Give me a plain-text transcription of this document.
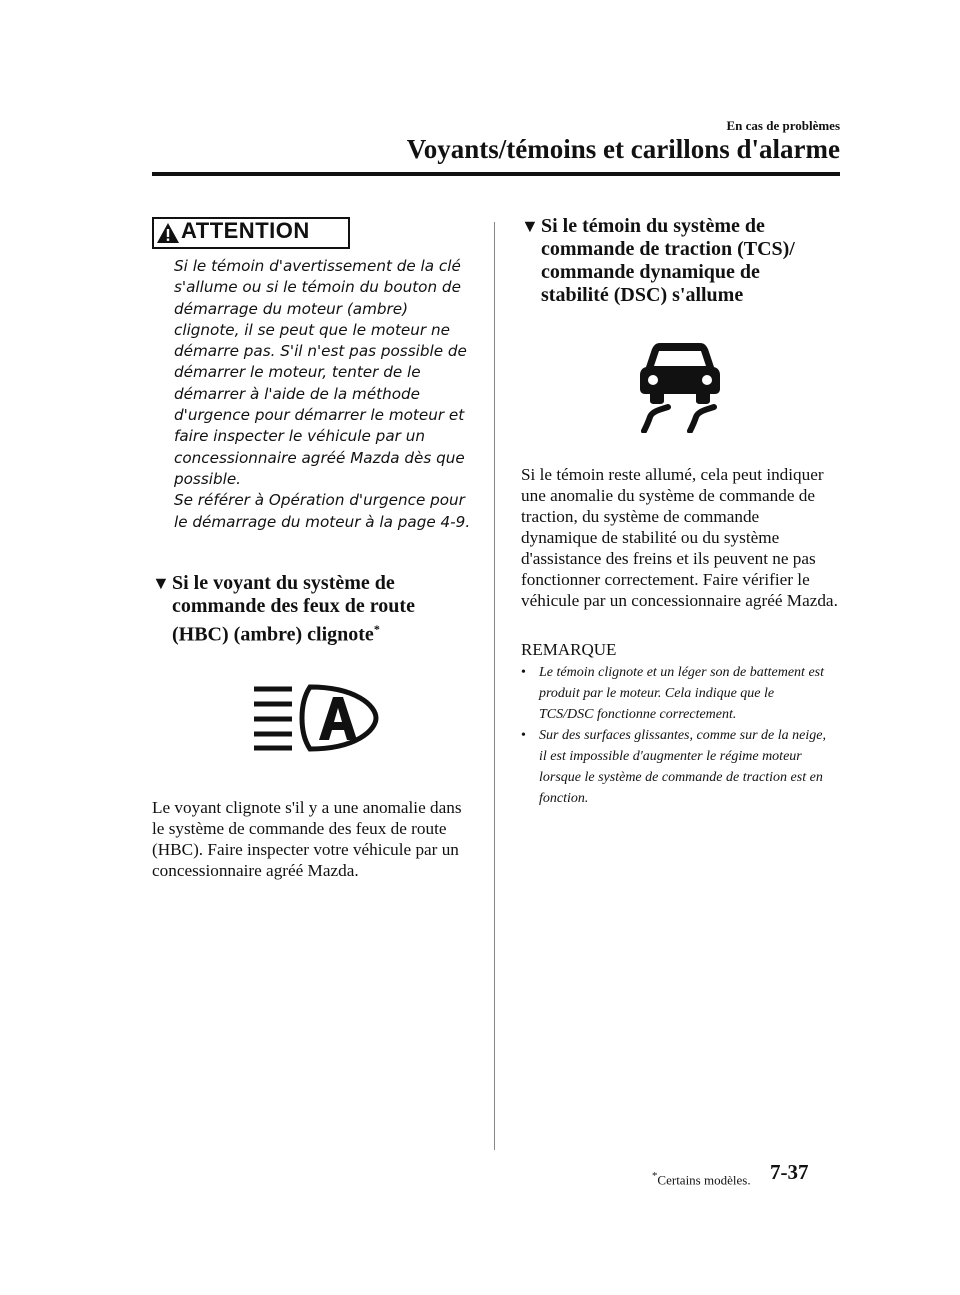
En cas de problèmes
Voyants/témoins et carillons d'alarme
ATTENTION

Si le témoin d'avertissement de la clé s'allume ou si le témoin du bouton de démarrage du moteur (ambre) clignote, il se peut que le moteur ne démarre pas. S'il n'est pas possible de démarrer le moteur, tenter de le démarrer à l'aide de la méthode d'urgence pour démarrer le moteur et faire inspecter le véhicule par un concessionnaire agréé Mazda dès que possible.

Se référer à Opération d'urgence pour le démarrage du moteur à la page 4-9.

▼ Si le voyant du système de commande des feux de route (HBC) (ambre) clignote*
Le voyant clignote s'il y a une anomalie dans le système de commande des feux de route (HBC). Faire inspecter votre véhicule par un concessionnaire agréé Mazda.
▼ Si le témoin du système de commande de traction (TCS)/ commande dynamique de stabilité (DSC) s'allume
Si le témoin reste allumé, cela peut indiquer une anomalie du système de commande de traction, du système de commande dynamique de stabilité ou du système d'assistance des freins et ils peuvent ne pas fonctionner correctement. Faire vérifier le véhicule par un concessionnaire agréé Mazda.
REMARQUE
• Le témoin clignote et un léger son de battement est produit par le moteur. Cela indique que le TCS/DSC fonctionne correctement.
• Sur des surfaces glissantes, comme sur de la neige, il est impossible d'augmenter le régime moteur lorsque le système de commande de traction est en fonction.
*Certains modèles. 7-37
